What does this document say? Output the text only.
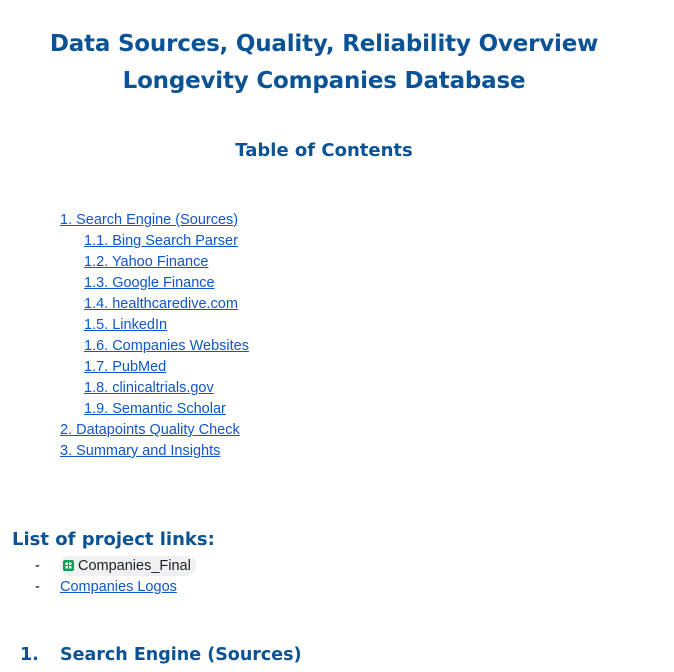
Data Sources, Quality, Reliability Overview
Longevity Companies Database
Table of Contents
1. Search Engine (Sources)
1.1. Bing Search Parser
1.2. Yahoo Finance
1.3. Google Finance
1.4. healthcaredive.com
1.5. LinkedIn
1.6. Companies Websites
1.7. PubMed
1.8. clinicaltrials.gov
1.9. Semantic Scholar
2. Datapoints Quality Check
3. Summary and Insights
List of project links:
-	Companies_Final
- Companies Logos
1. Search Engine (Sources)
